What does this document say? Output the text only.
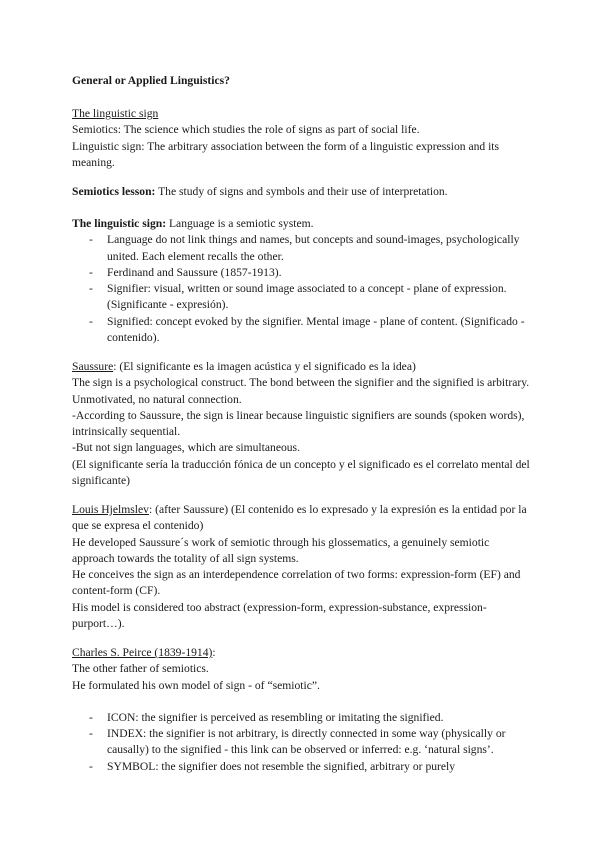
General or Applied Linguistics?

The linguistic sign

Semiotics: The science which studies the role of signs as part of social life.

Linguistic sign: The arbitrary association between the form of a linguistic expression and its meaning.

Semiotics lesson: The study of signs and symbols and their use of interpretation.

The linguistic sign: Language is a semiotic system.

- Language do not link things and names, but concepts and sound-images, psychologically united. Each element recalls the other.
- Ferdinand and Saussure (1857-1913).
- Signifier: visual, written or sound image associated to a concept - plane of expression. (Significante - expresión).
- Signified: concept evoked by the signifier. Mental image - plane of content. (Significado - contenido).

Saussure: (El significante es la imagen acústica y el significado es la idea)

The sign is a psychological construct. The bond between the signifier and the signified is arbitrary. Unmotivated, no natural connection.

-According to Saussure, the sign is linear because linguistic signifiers are sounds (spoken words), intrinsically sequential.

-But not sign languages, which are simultaneous.

(El significante sería la traducción fónica de un concepto y el significado es el correlato mental del significante)

Louis Hjelmslev: (after Saussure) (El contenido es lo expresado y la expresión es la entidad por la que se expresa el contenido)

He developed Saussure´s work of semiotic through his glossematics, a genuinely semiotic approach towards the totality of all sign systems.

He conceives the sign as an interdependence correlation of two forms: expression-form (EF) and content-form (CF).

His model is considered too abstract (expression-form, expression-substance, expression-purport…).

Charles S. Peirce (1839-1914):

The other father of semiotics.

He formulated his own model of sign - of “semiotic”.

- ICON: the signifier is perceived as resembling or imitating the signified.
- INDEX: the signifier is not arbitrary, is directly connected in some way (physically or causally) to the signified - this link can be observed or inferred: e.g. ‘natural signs’.
- SYMBOL: the signifier does not resemble the signified, arbitrary or purely
